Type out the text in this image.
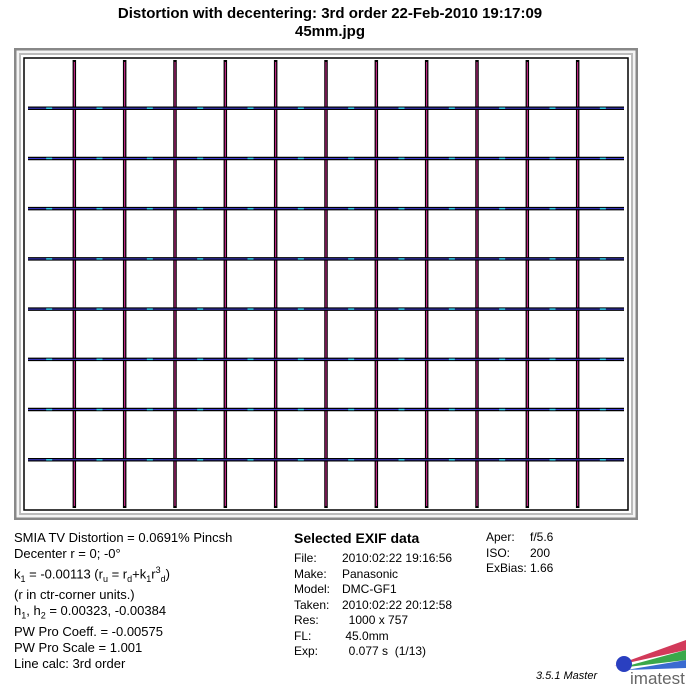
Distortion with decentering: 3rd order 22-Feb-2010 19:17:09
45mm.jpg
SMIA TV Distortion = 0.0691% Pincsh
Decenter r = 0; -0°
$k_1 = -0.00113$ $(r_u = r_d+k_1r^3_d)$
(r in ctr-corner units.)
$h_1$, $h_2 = 0.00323$, -0.00384
PW Pro Coeff. = -0.00575
PW Pro Scale = 1.001
Line calc: 3rd order
Selected EXIF data
File:	2010:02:22 19:16:56
Make:	Panasonic
Model: DMC-GF1
Taken:	2010:02:22 20:12:58
Res:	1000 x 757
FL:	45.0mm
Exp:	0.077 s  (1/13)
Aper: f/5.6
ISO: 200
ExBias: 1.66
3.5.1 Master imatest
